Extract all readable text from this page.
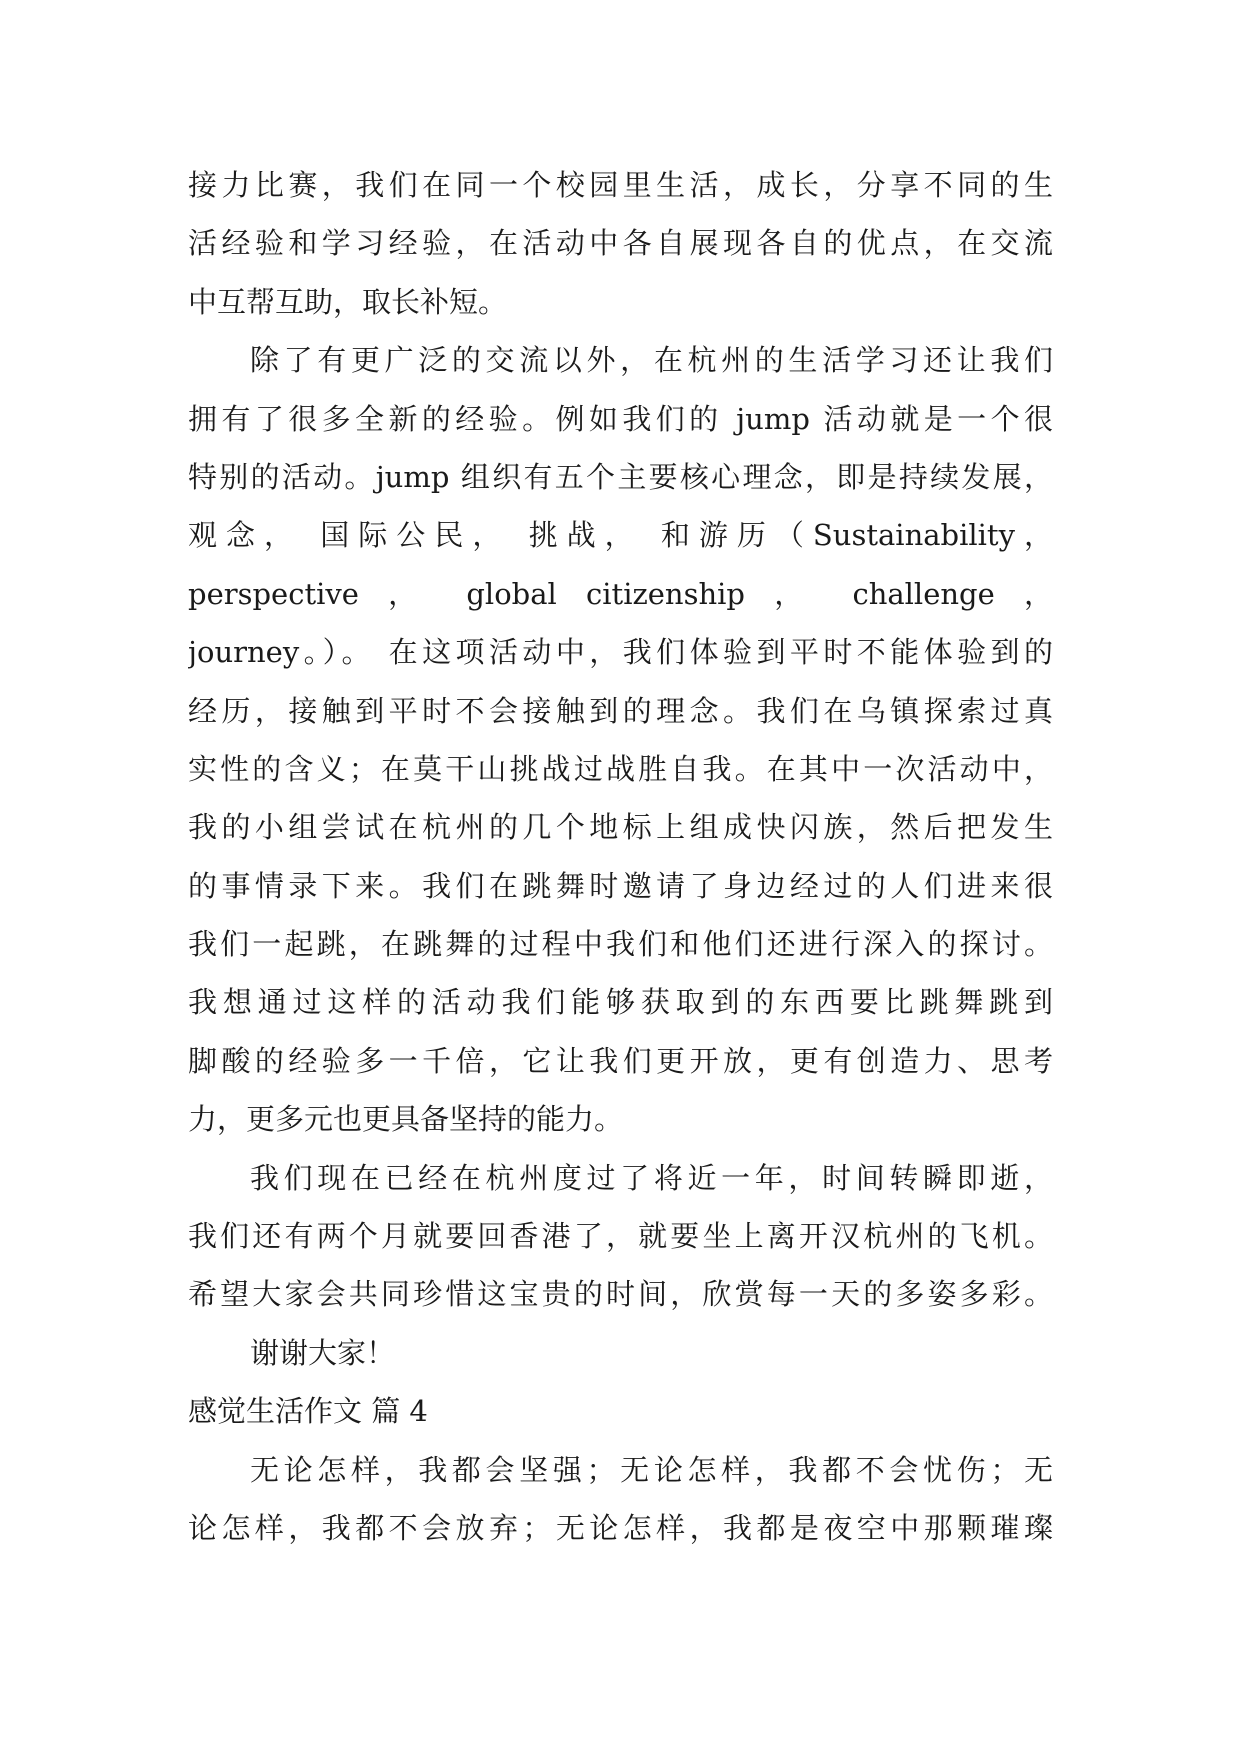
接力比赛，我们在同一个校园里生活，成长，分享不同的生
活经验和学习经验，在活动中各自展现各自的优点，在交流
中互帮互助，取长补短。
除了有更广泛的交流以外，在杭州的生活学习还让我们
拥有了很多全新的经验。例如我们的 jump 活动就是一个很
特别的活动。jump 组织有五个主要核心理念，即是持续发展，
观念， 国际公民， 挑战， 和游历（Sustainability，
perspective ， global citizenship ， challenge ，
journey。）。 在这项活动中，我们体验到平时不能体验到的
经历，接触到平时不会接触到的理念。我们在乌镇探索过真
实性的含义；在莫干山挑战过战胜自我。在其中一次活动中，
我的小组尝试在杭州的几个地标上组成快闪族，然后把发生
的事情录下来。我们在跳舞时邀请了身边经过的人们进来很
我们一起跳，在跳舞的过程中我们和他们还进行深入的探讨。
我想通过这样的活动我们能够获取到的东西要比跳舞跳到
脚酸的经验多一千倍，它让我们更开放，更有创造力、思考
力，更多元也更具备坚持的能力。
我们现在已经在杭州度过了将近一年，时间转瞬即逝，
我们还有两个月就要回香港了，就要坐上离开汉杭州的飞机。
希望大家会共同珍惜这宝贵的时间，欣赏每一天的多姿多彩。
谢谢大家！
感觉生活作文 篇 4
无论怎样，我都会坚强；无论怎样，我都不会忧伤；无
论怎样，我都不会放弃；无论怎样，我都是夜空中那颗璀璨
